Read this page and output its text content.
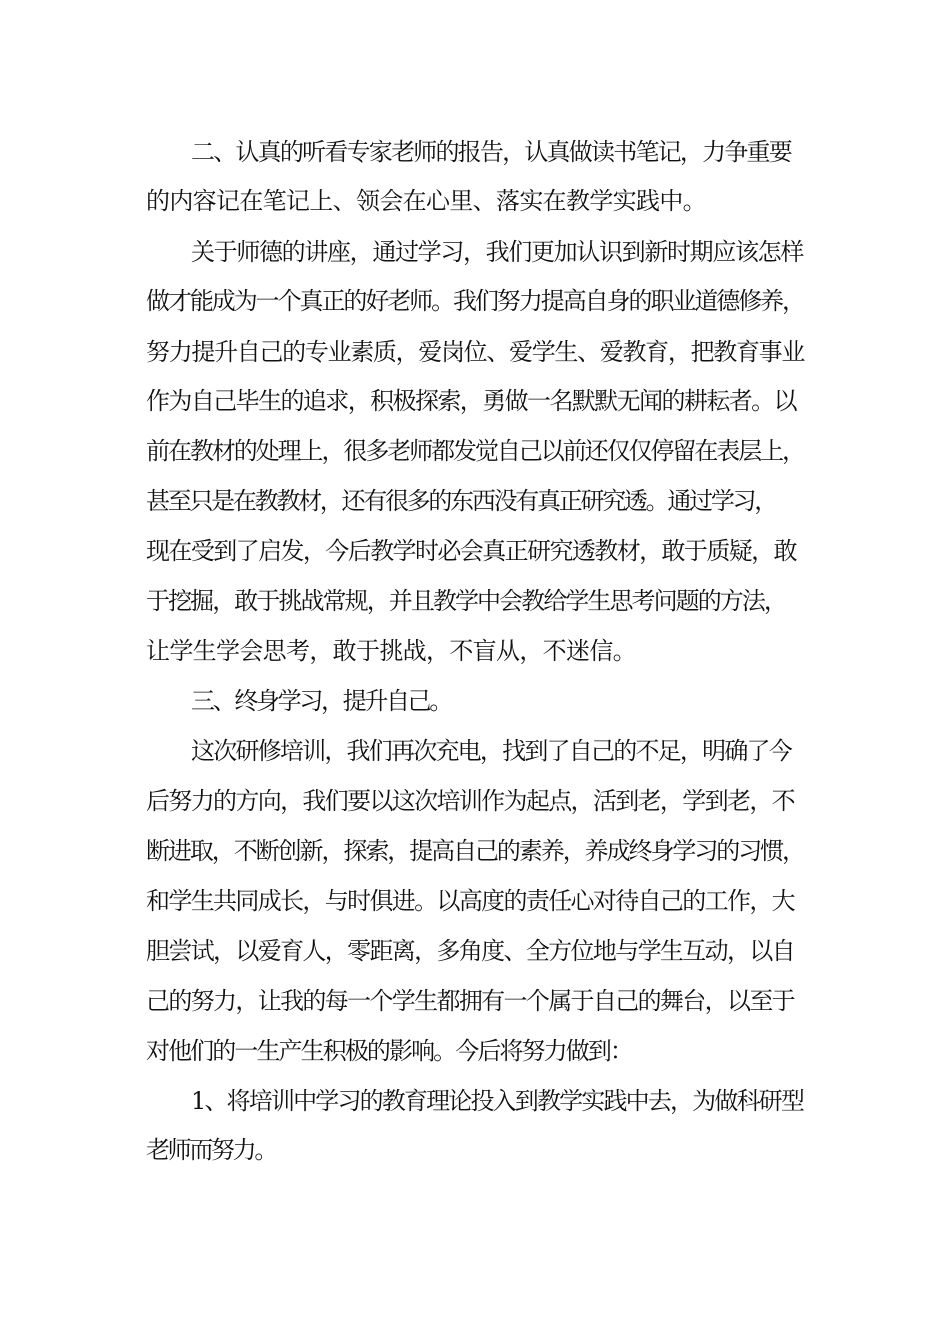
二、认真的听看专家老师的报告，认真做读书笔记，力争重要
的内容记在笔记上、领会在心里、落实在教学实践中。
关于师德的讲座，通过学习，我们更加认识到新时期应该怎样
做才能成为一个真正的好老师。我们努力提高自身的职业道德修养，
努力提升自己的专业素质，爱岗位、爱学生、爱教育，把教育事业
作为自己毕生的追求，积极探索，勇做一名默默无闻的耕耘者。以
前在教材的处理上，很多老师都发觉自己以前还仅仅停留在表层上，
甚至只是在教教材，还有很多的东西没有真正研究透。通过学习，
现在受到了启发，今后教学时必会真正研究透教材，敢于质疑，敢
于挖掘，敢于挑战常规，并且教学中会教给学生思考问题的方法，
让学生学会思考，敢于挑战，不盲从，不迷信。
三、终身学习，提升自己。
这次研修培训，我们再次充电，找到了自己的不足，明确了今
后努力的方向，我们要以这次培训作为起点，活到老，学到老，不
断进取，不断创新，探索，提高自己的素养，养成终身学习的习惯，
和学生共同成长，与时俱进。以高度的责任心对待自己的工作，大
胆尝试，以爱育人，零距离，多角度、全方位地与学生互动，以自
己的努力，让我的每一个学生都拥有一个属于自己的舞台，以至于
对他们的一生产生积极的影响。今后将努力做到：
1、将培训中学习的教育理论投入到教学实践中去，为做科研型
老师而努力。
